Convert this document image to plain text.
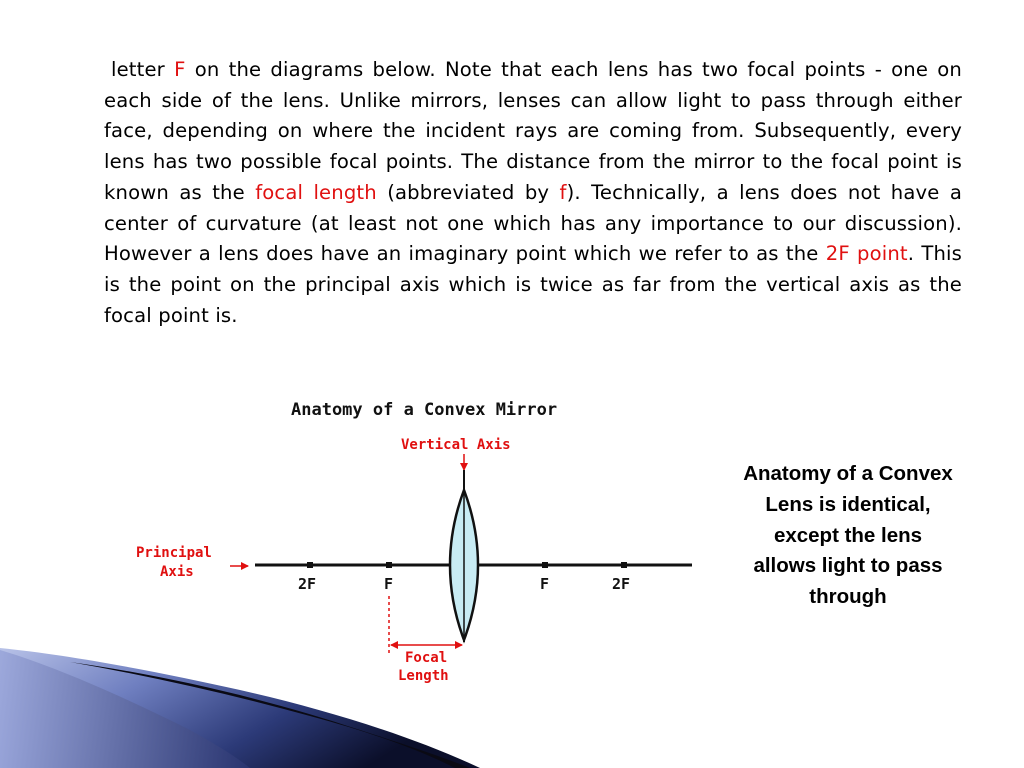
letter F on the diagrams below. Note that each lens has two focal points - one on each side of the lens. Unlike mirrors, lenses can allow light to pass through either face, depending on where the incident rays are coming from. Subsequently, every lens has two possible focal points. The distance from the mirror to the focal point is known as the focal length (abbreviated by f). Technically, a lens does not have a center of curvature (at least not one which has any importance to our discussion). However a lens does have an imaginary point which we refer to as the 2F point. This is the point on the principal axis which is twice as far from the vertical axis as the focal point is.

Anatomy of a Convex Mirror
Vertical Axis
Principal
Axis
2F	F	F	2F
Focal
Length

Anatomy of a Convex Lens is identical, except the lens allows light to pass through
